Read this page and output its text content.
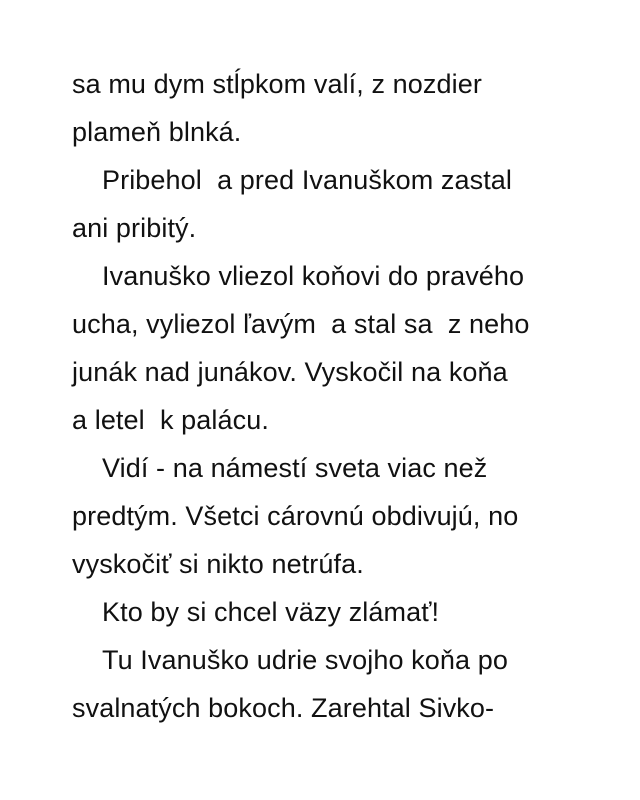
sa mu dym stĺpkom valí, z nozdier
plameň blnká.
Pribehol  a pred Ivanuškom zastal
ani pribitý.
Ivanuško vliezol koňovi do pravého
ucha, vyliezol ľavým  a stal sa  z neho
junák nad junákov. Vyskočil na koňa
a letel  k palácu.
Vidí - na námestí sveta viac než
predtým. Všetci cárovnú obdivujú, no
vyskočiť si nikto netrúfa.
Kto by si chcel väzy zlámať!
Tu Ivanuško udrie svojho koňa po
svalnatých bokoch. Zarehtal Sivko-
